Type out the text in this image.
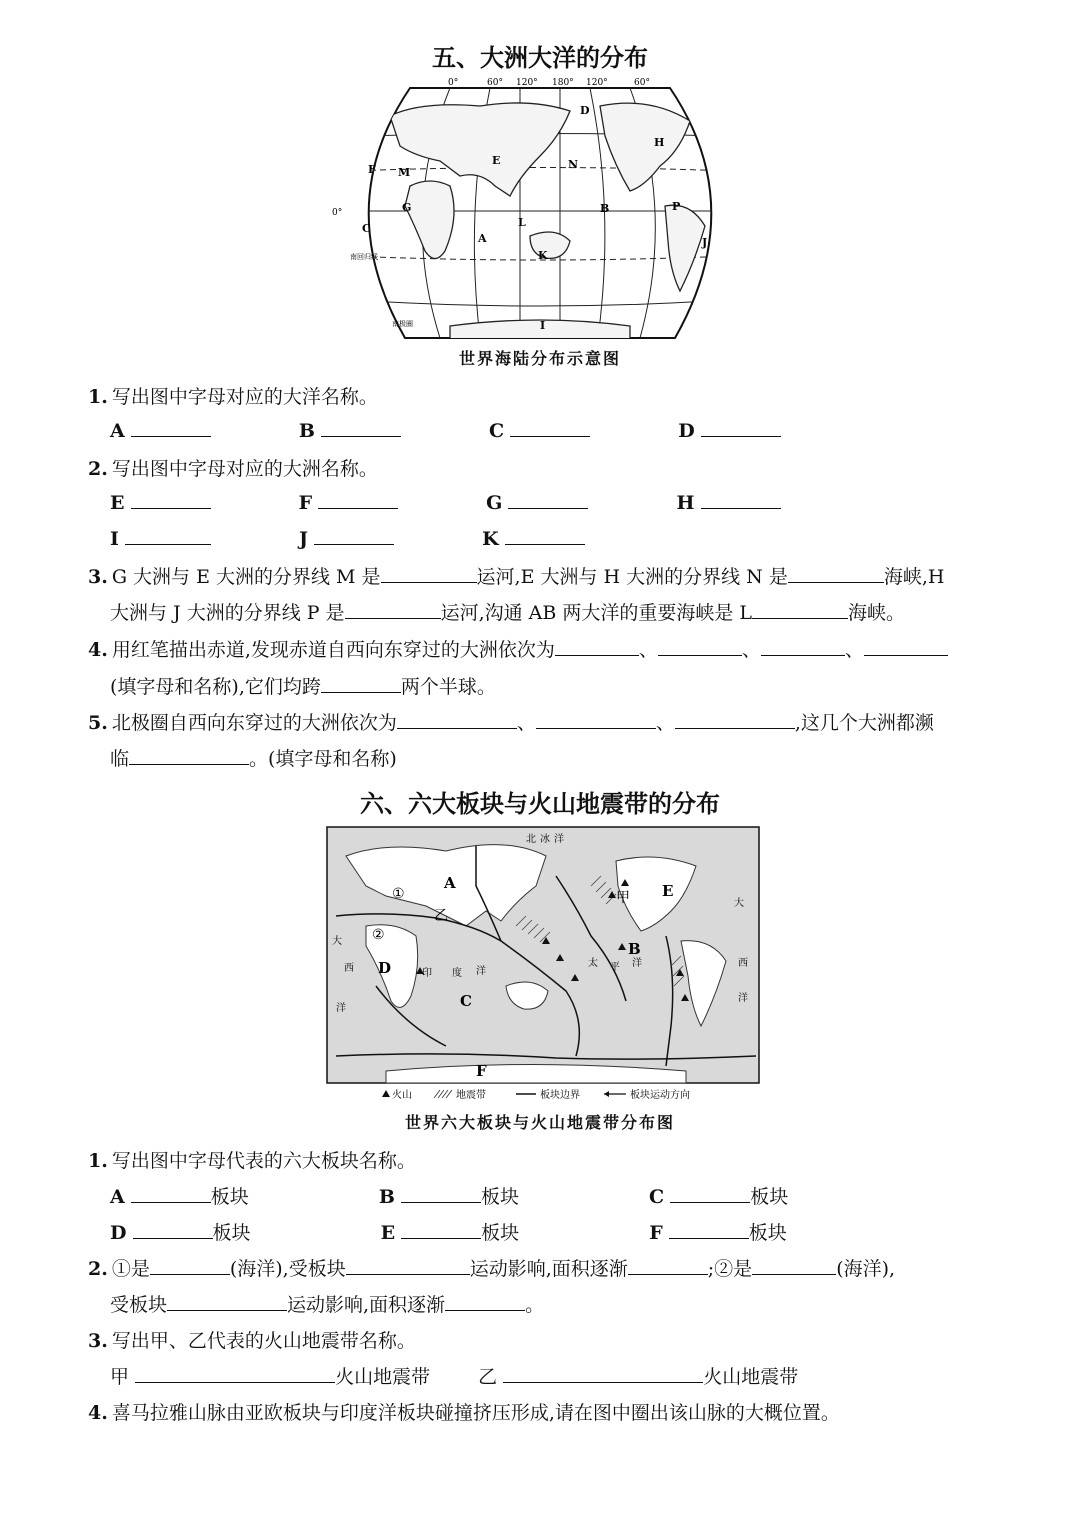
五、大洲大洋的分布
0°	60° 120° 180° 120°	60°
0°
南回归线
南极圈
A
B
C
D
E
F
G
H
I
J
K
L
M
N
P
世界海陆分布示意图
1. 写出图中字母对应的大洋名称。
A	B	C	D
2. 写出图中字母对应的大洲名称。
E	F	G	H
I	J	K
3. G 大洲与 E 大洲的分界线 M 是	运河,E 大洲与 H 大洲的分界线 N 是	海峡,H
大洲与 J 大洲的分界线 P 是	运河,沟通 AB 两大洋的重要海峡是 L	海峡。
4. 用红笔描出赤道,发现赤道自西向东穿过的大洲依次为	、	、	、
(填字母和名称),它们均跨	两个半球。
5. 北极圈自西向东穿过的大洲依次为	、	、	,这几个大洲都濒
临	。(填字母和名称)
六、六大板块与火山地震带的分布
A
B
C
D
E
F
①
②
甲
乙
北 冰 洋
大
西
洋
印 度 洋
太 平 洋
大
西
洋
火山	地震带	板块边界	板块运动方向
世界六大板块与火山地震带分布图
1. 写出图中字母代表的六大板块名称。
A	板块	B	板块	C	板块
D	板块	E	板块	F	板块
2. ①是	(海洋),受板块	运动影响,面积逐渐	;②是	(海洋),
受板块	运动影响,面积逐渐	。
3. 写出甲、乙代表的火山地震带名称。
甲	火山地震带	乙	火山地震带
4. 喜马拉雅山脉由亚欧板块与印度洋板块碰撞挤压形成,请在图中圈出该山脉的大概位置。
